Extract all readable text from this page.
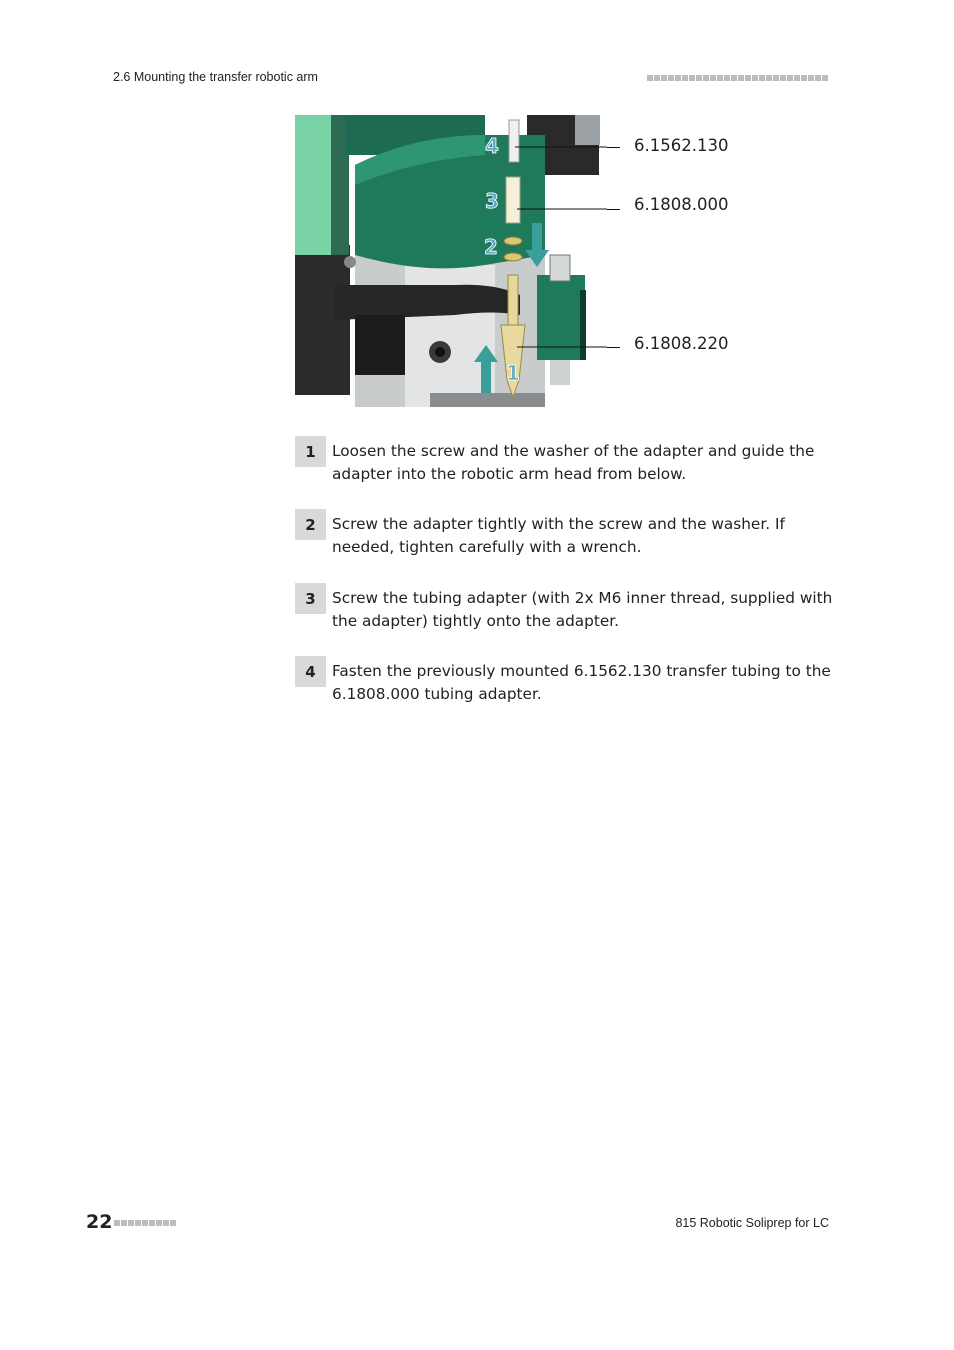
2.6 Mounting the transfer robotic arm
4
3
2
1
6.1562.130
6.1808.000
6.1808.220
1	Loosen the screw and the washer of the adapter and guide the adapter into the robotic arm head from below.
2	Screw the adapter tightly with the screw and the washer. If needed, tighten carefully with a wrench.
3	Screw the tubing adapter (with 2x M6 inner thread, supplied with the adapter) tightly onto the adapter.
4	Fasten the previously mounted 6.1562.130 transfer tubing to the 6.1808.000 tubing adapter.
22	815 Robotic Soliprep for LC
